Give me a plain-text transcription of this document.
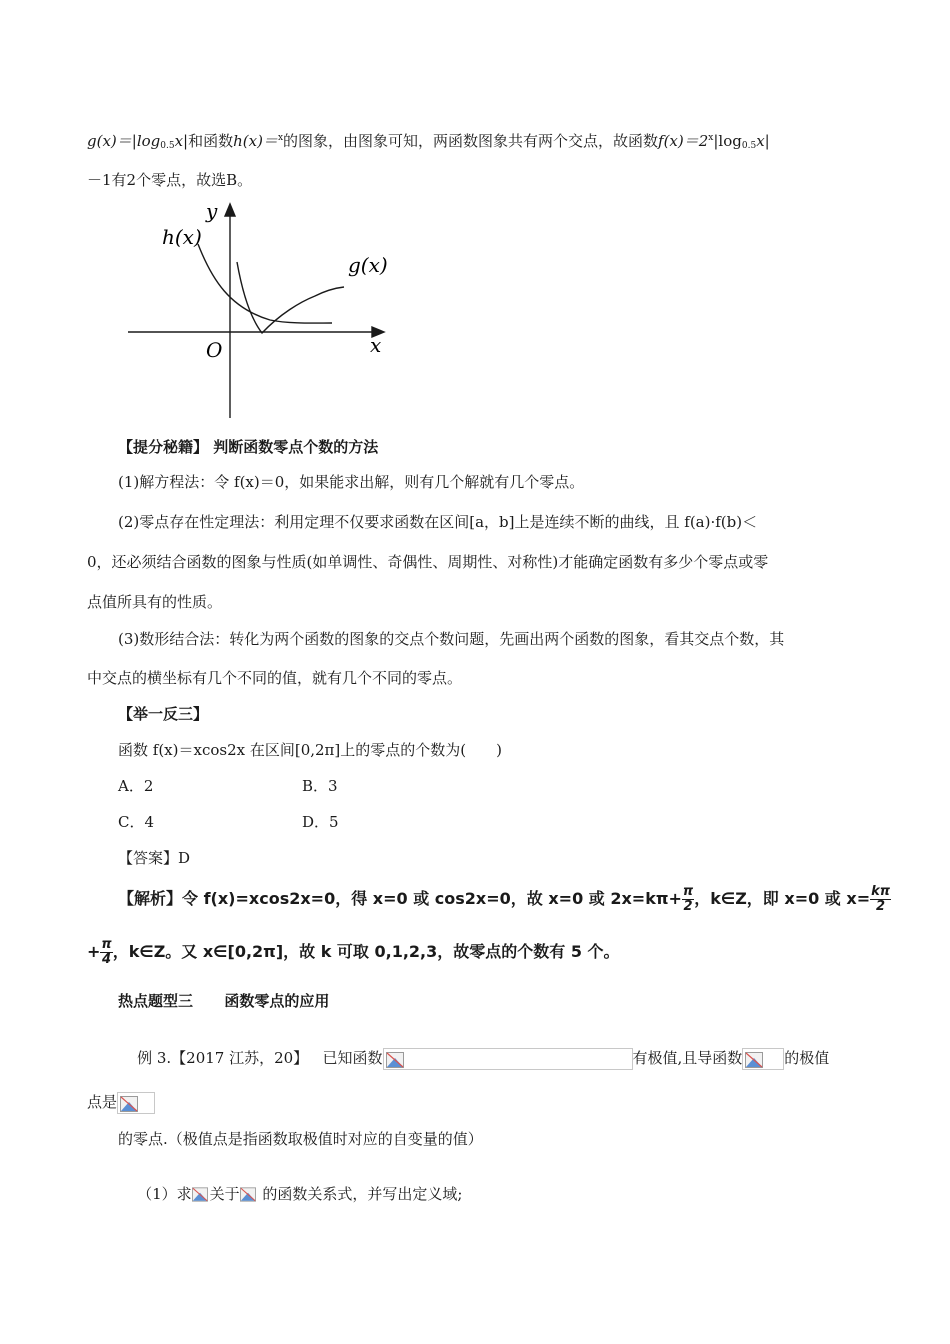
$g(x)=|\log_{0.5}x|$和函数h(x)＝$^x$的图象，由图象可知，两函数图象共有两个交点，故函数$f(x)=2^x|\log_{0.5}x|$
－1有2个零点，故选B。
y
x
O
h(x)
g(x)
【提分秘籍】 判断函数零点个数的方法
(1)解方程法：令 f(x)＝0，如果能求出解，则有几个解就有几个零点。
(2)零点存在性定理法：利用定理不仅要求函数在区间[a，b]上是连续不断的曲线，且 f(a)·f(b)＜
0，还必须结合函数的图象与性质(如单调性、奇偶性、周期性、对称性)才能确定函数有多少个零点或零
点值所具有的性质。
(3)数形结合法：转化为两个函数的图象的交点个数问题，先画出两个函数的图象，看其交点个数，其
中交点的横坐标有几个不同的值，就有几个不同的零点。
【举一反三】
函数 f(x)＝xcos2x 在区间[0,2π]上的零点的个数为(　　)
A．2	B．3
C．4	D．5
【答案】D
【解析】令 f(x)=xcos2x=0，得 x=0 或 cos2x=0，故 x=0 或 $2x=k\pi+ \frac{\pi}{2}$ ，k∈Z，即 x=0 或 $x= \frac{k\pi}{2}$
+ $\frac{\pi}{4}$ ，k∈Z。又 x∈[0,2π]，故 k 可取 0,1,2,3，故零点的个数有 5 个。
热点题型三      函数零点的应用

例 3.【2017 江苏，20】   已知函数	有极值,且导函数	的极值

点是
的零点.（极值点是指函数取极值时对应的自变量的值）

（1）求 关于
的函数关系式，并写出定义域;
